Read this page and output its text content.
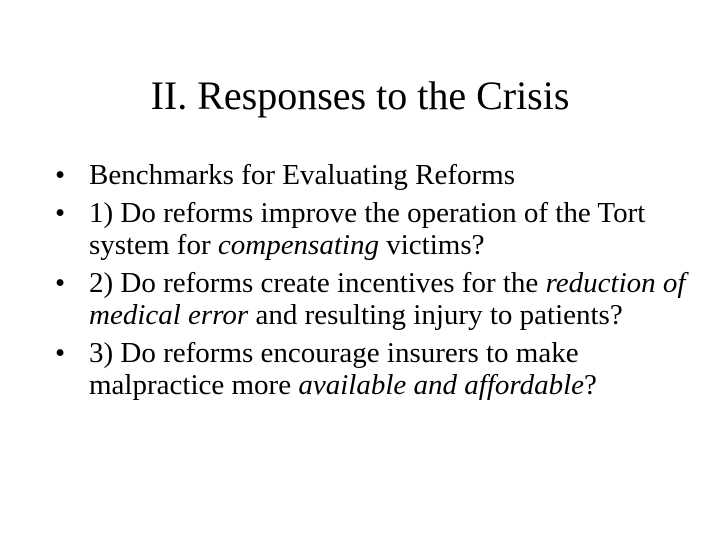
II. Responses to the Crisis
• Benchmarks for Evaluating Reforms
• 1) Do reforms improve the operation of the Tort system for compensating victims?
• 2) Do reforms create incentives for the reduction of medical error and resulting injury to patients?
• 3) Do reforms encourage insurers to make malpractice more available and affordable?
